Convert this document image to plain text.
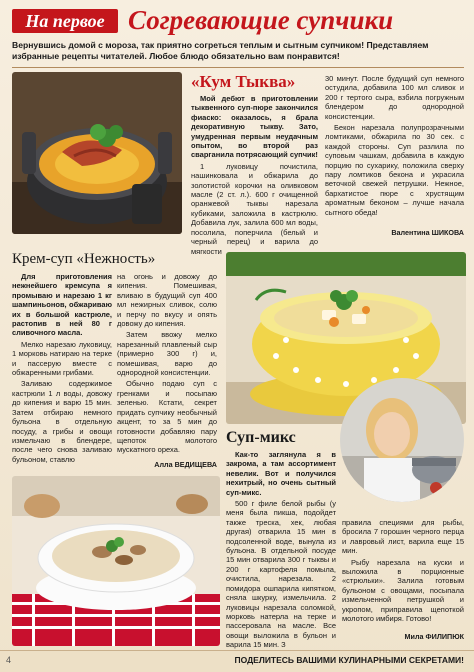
На первое Согревающие супчики
Вернувшись домой с мороза, так приятно согреться теплым и сытным супчиком! Представляем избранные рецепты читателей. Любое блюдо обязательно вам понравится!
«Кум Тыква»

Мой дебют в приготовлении тыквенного суп-пюре закончился фиаско: оказалось, я брала декоративную тыкву. Зато, умудренная первым неудачным опытом, во второй раз сварганила потрясающий супчик!

1 луковицу почистила, нашинковала и обжарила до золотистой корочки на оливковом масле (2 ст. л.). 600 г очищенной оранжевой тыквы нарезала кубиками, заложила в кастрюлю. Добавила лук, залила 600 мл воды, посолила, поперчила (белый и черный перец) и варила до мягкости

30 минут. После будущий суп немного остудила, добавила 100 мл сливок и 200 г тертого сыра, взбила погружным блендером до однородной консистенции.

Бекон нарезала полупрозрачными ломтиками, обжарила по 30 сек. с каждой стороны. Суп разлила по суповым чашкам, добавила в каждую порцию по сухарику, положила сверху пару ломтиков бекона и украсила веточкой свежей петрушки. Нежное, бархатистое пюре с хрустящим ароматным беконом – лучше начала сытного обеда!

Валентина ШИКОВА
Крем-суп «Нежность»

Для приготовления нежнейшего кремсупа я промываю и нарезаю 1 кг шампиньонов, обжариваю их в большой кастрюле, растопив в ней 80 г сливочного масла.

Мелко нарезаю луковицу, 1 морковь натираю на терке и пассерую вместе с обжаренными грибами.

Заливаю содержимое кастрюли 1 л воды, довожу до кипения и варю 15 мин. Затем отбираю немного бульона в отдельную посуду, а грибы и овощи измельчаю в блендере, после чего снова заливаю бульоном, ставлю

на огонь и довожу до кипения. Помешивая, вливаю в будущий суп 400 мл нежирных сливок, солю и перчу по вкусу и опять довожу до кипения.

Затем ввожу мелко нарезанный плавленый сыр (примерно 300 г) и, помешивая, варю до однородной консистенции.

Обычно подаю суп с гренками и посыпаю зеленью. Кстати, секрет придать супчику необычный акцент, то за 5 мин до готовности добавляю пару щепоток молотого мускатного ореха.

Алла ВЕДИЩЕВА
Суп-микс

Как-то заглянула я в закрома, а там ассортимент невелик. Вот и получился нехитрый, но очень сытный суп-микс.

500 г филе белой рыбы (у меня была пикша, подойдет также треска, хек, любая другая) отварила 15 мин в подсоленной воде, вынула из бульона. В отдельной посуде 15 мин отварила 300 г тыквы и 200 г картофеля помыла, очистила, нарезала. 2 помидора ошпарила кипятком, сняла шкурку, измельчила. 2 луковицы нарезала соломкой, морковь натерла на терке и пассеровала на масле. Все овощи выложила в бульон и варила 15 мин. З

правила специями для рыбы, бросила 7 горошин черного перца и лавровый лист, варила еще 15 мин.

Рыбу нарезала на куски и выложила в порционные «стрюльки». Залила готовым бульоном с овощами, посыпала измельченной петрушкой и укропом, приправила щепоткой молотого имбиря. Готово!

Мила ФИЛИПЮК
4	ПОДЕЛИТЕСЬ ВАШИМИ КУЛИНАРНЫМИ СЕКРЕТАМИ!
